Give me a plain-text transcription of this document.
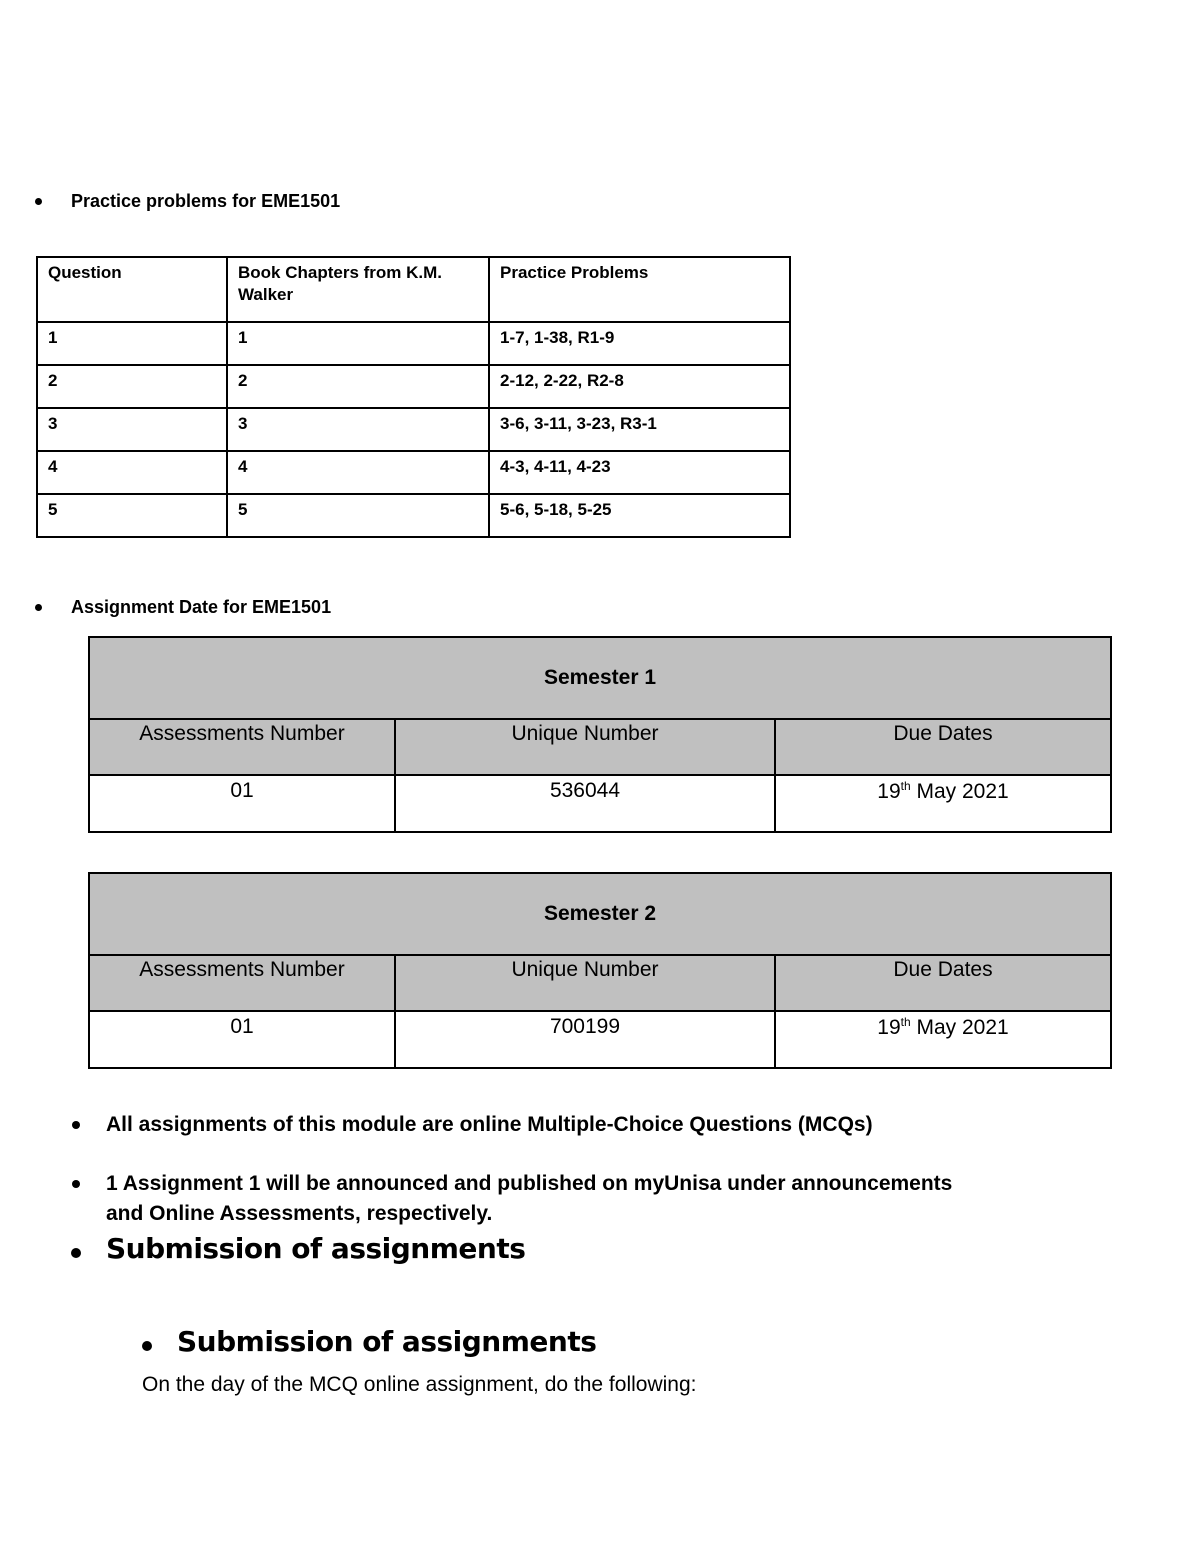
Practice problems for EME1501
Question	Book Chapters from K.M. Walker	Practice Problems
1	1	1-7, 1-38, R1-9
2	2	2-12, 2-22, R2-8
3	3	3-6, 3-11, 3-23, R3-1
4	4	4-3, 4-11, 4-23
5	5	5-6, 5-18, 5-25
Assignment Date for EME1501
Semester 1		

Assessments Number	Unique Number	Due Dates

01	536044	19th May 2021
Semester 2		

Assessments Number	Unique Number	Due Dates

01	700199	19th May 2021
All assignments of this module are online Multiple-Choice Questions (MCQs)
1 Assignment 1 will be announced and published on myUnisa under announcements
and Online Assessments, respectively.
Submission of assignments
Submission of assignments
On the day of the MCQ online assignment, do the following:
